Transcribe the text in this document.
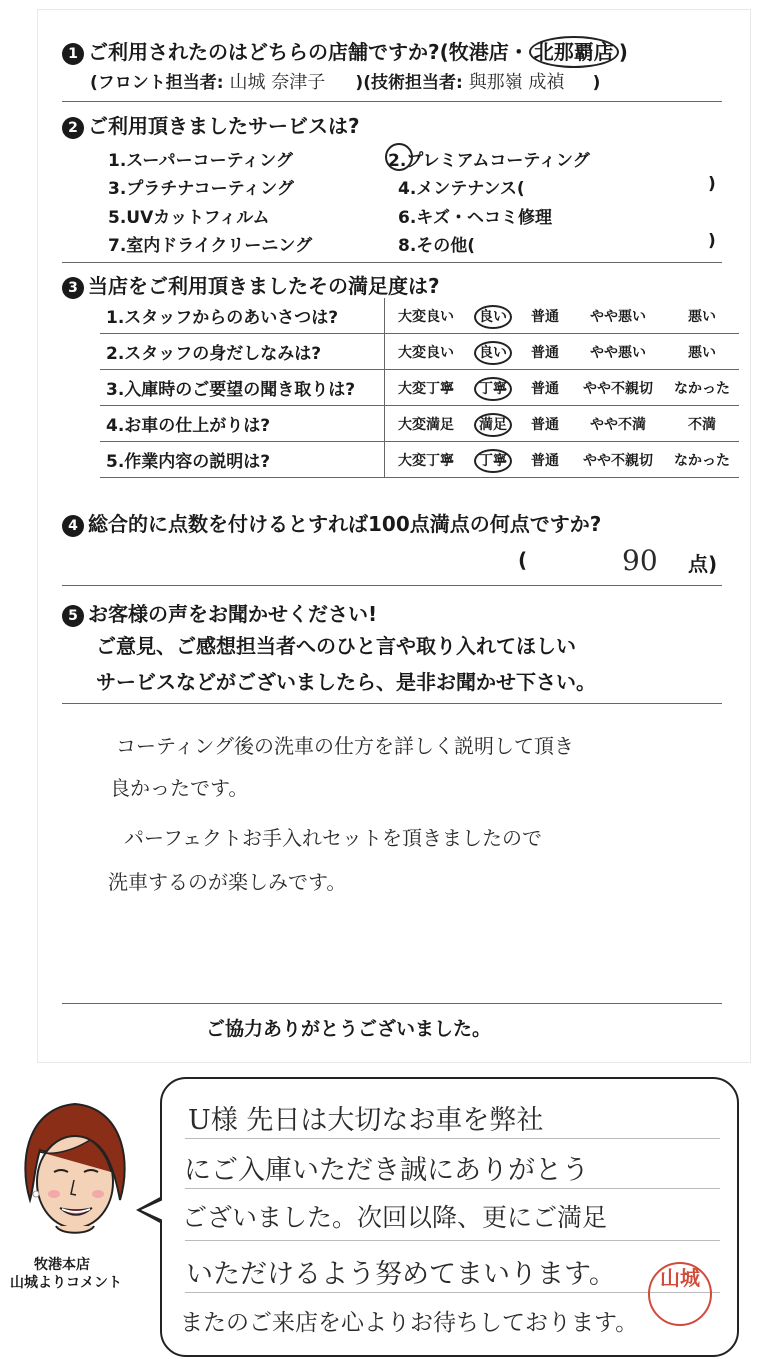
1 ご利用されたのはどちらの店舗ですか?(牧港店・ 北那覇店 )
(フロント担当者: 山城 奈津子 )(技術担当者: 與那嶺 成禎 )
2 ご利用頂きましたサービスは?
1.スーパーコーティング	2.プレミアムコーティング
3.プラチナコーティング	4.メンテナンス(	)
5.UVカットフィルム	6.キズ・ヘコミ修理
7.室内ドライクリーニング	8.その他(	)
3 当店をご利用頂きましたその満足度は?
1.スタッフからのあいさつは?	大変良い	良い	普通	やや悪い	悪い
2.スタッフの身だしなみは?	大変良い	良い	普通	やや悪い	悪い
3.入庫時のご要望の聞き取りは?	大変丁寧	丁寧	普通	やや不親切	なかった
4.お車の仕上がりは?	大変満足	満足	普通	やや不満	不満
5.作業内容の説明は?	大変丁寧	丁寧	普通	やや不親切	なかった
4 総合的に点数を付けるとすれば100点満点の何点ですか?
(	90 点)
5 お客様の声をお聞かせください!
ご意見、ご感想担当者へのひと言や取り入れてほしい
サービスなどがございましたら、是非お聞かせ下さい。
コーティング後の洗車の仕方を詳しく説明して頂き
良かったです。
パーフェクトお手入れセットを頂きましたので
洗車するのが楽しみです。
ご協力ありがとうございました。
牧港本店
山城よりコメント
U様 先日は大切なお車を弊社
にご入庫いただき誠にありがとう
ございました。次回以降、更にご満足
いただけるよう努めてまいります。
またのご来店を心よりお待ちしております。
山城
